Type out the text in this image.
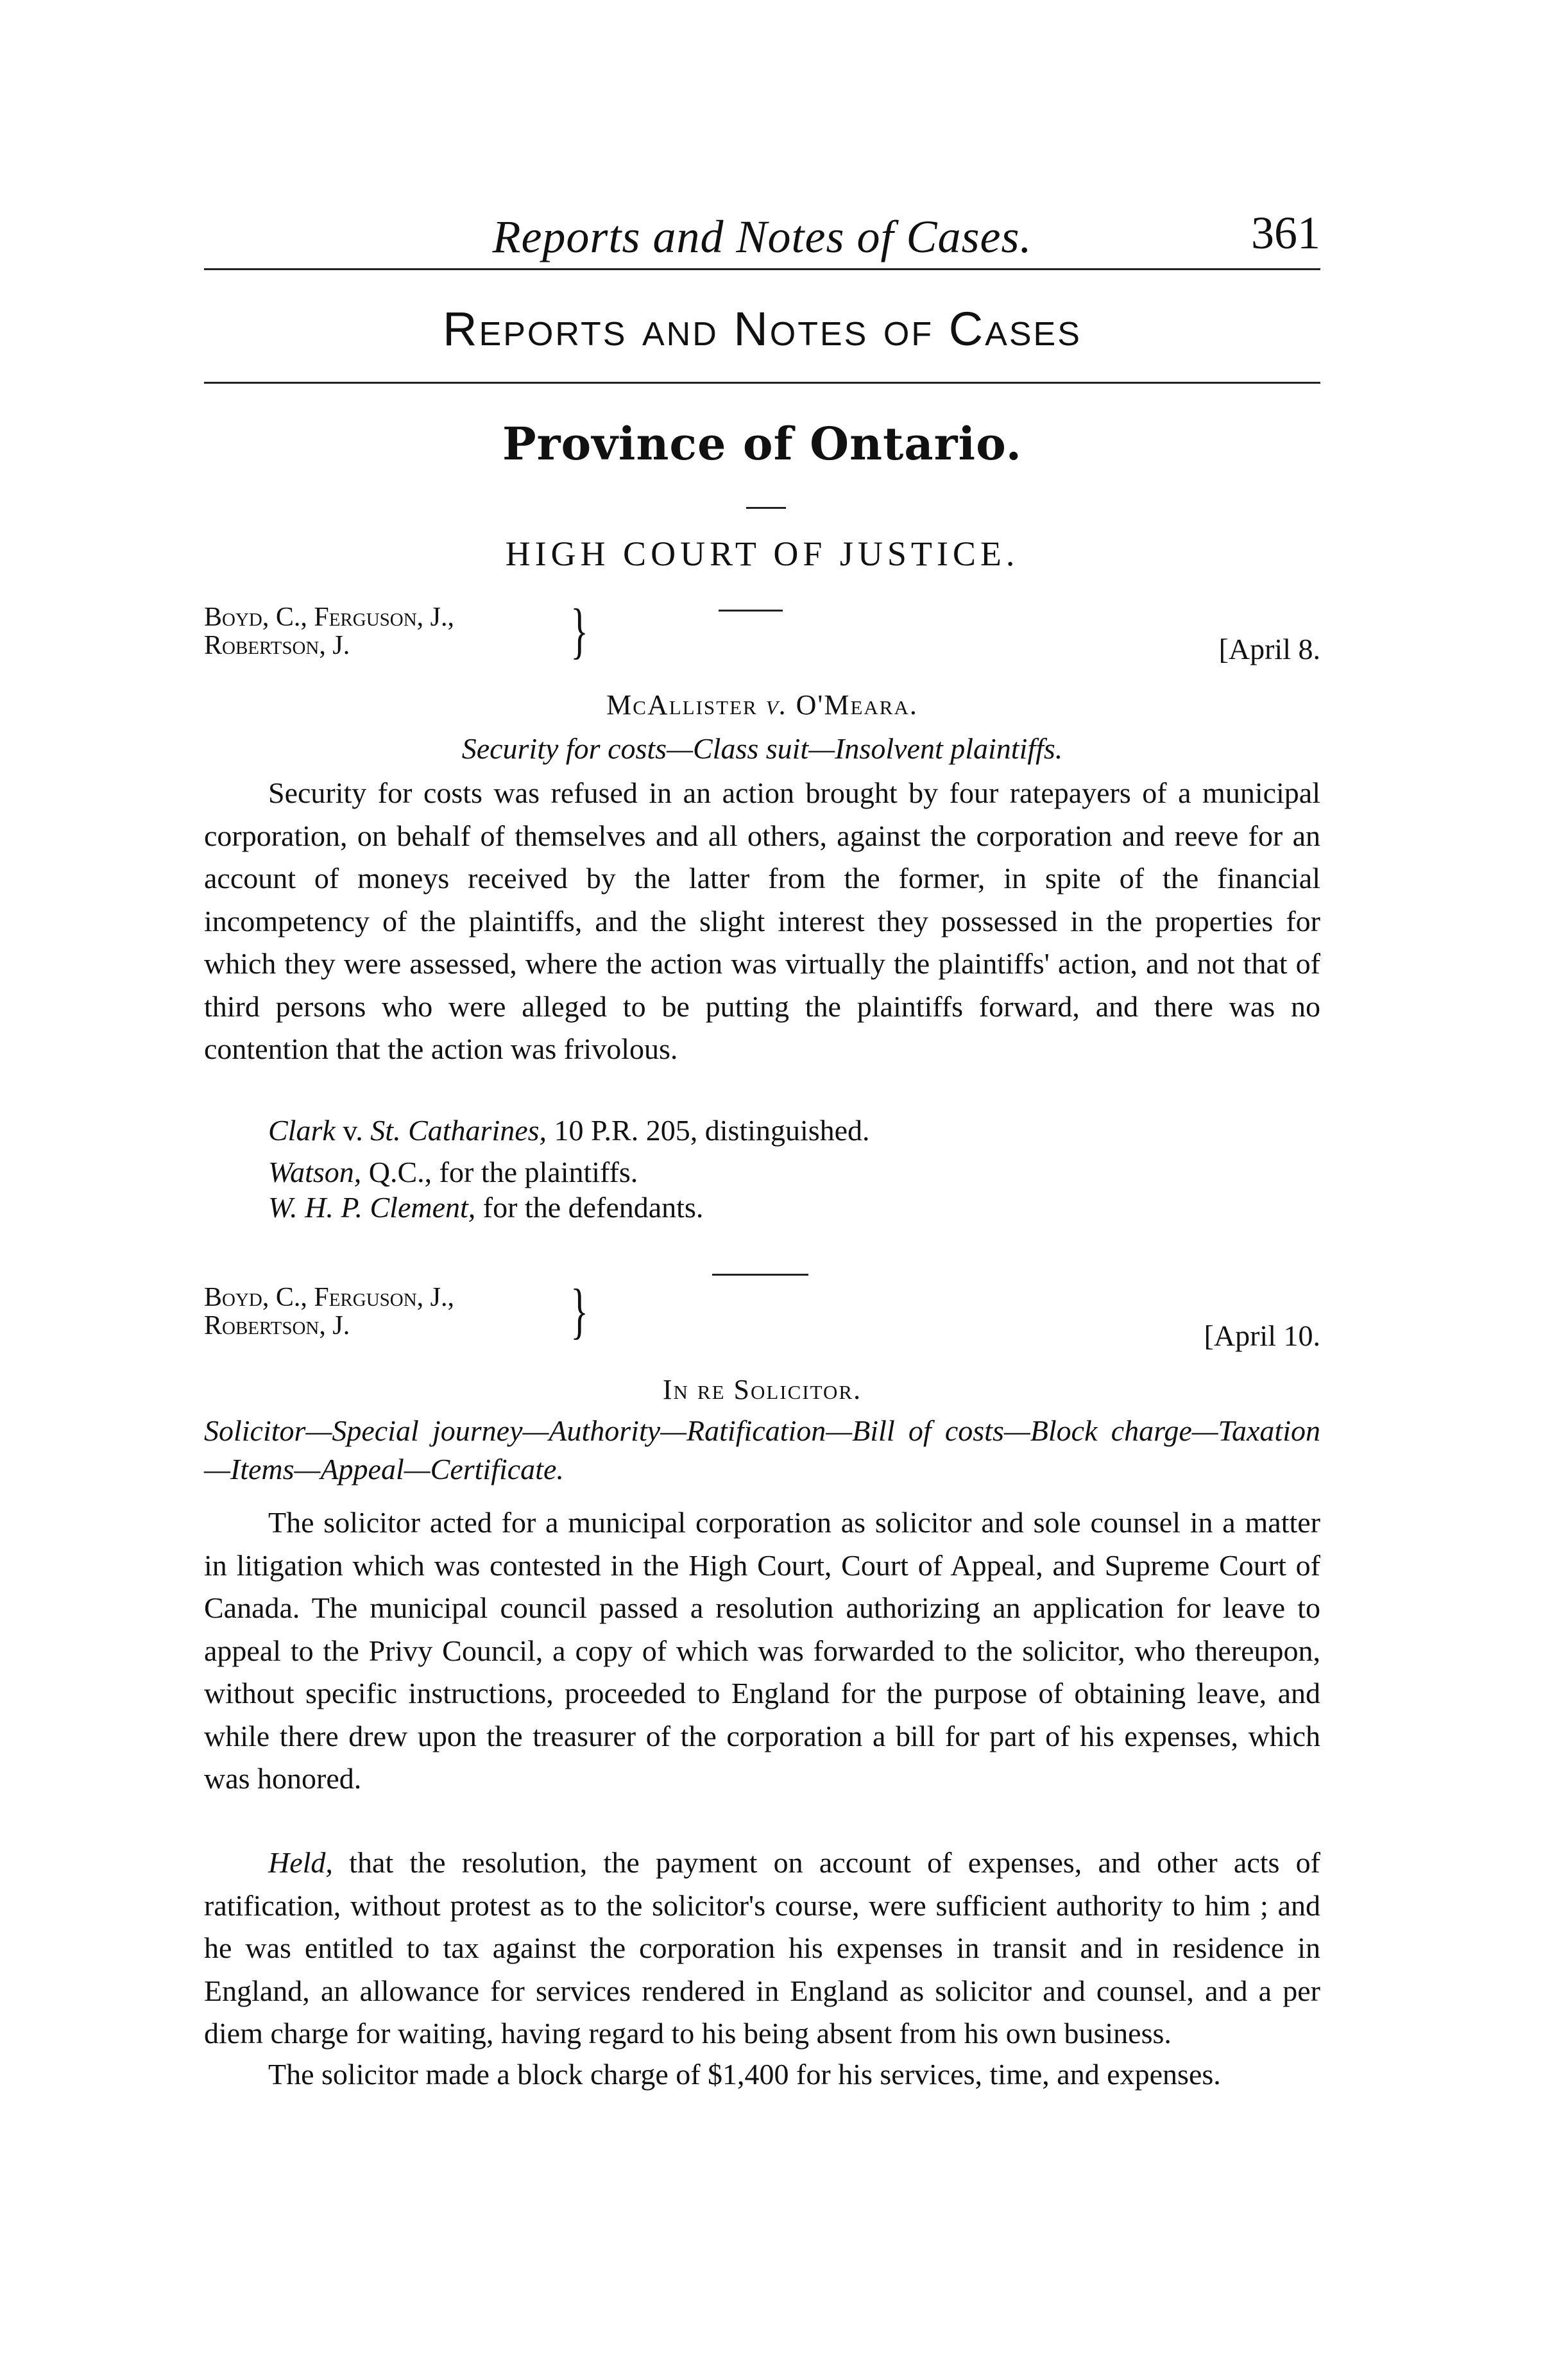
Reports and Notes of Cases.	361
Reports and Notes of Cases
Province of Ontario.
HIGH COURT OF JUSTICE.
Boyd, C., Ferguson, J.,
Robertson, J.	}	[April 8.
McAllister v. O'Meara.
Security for costs—Class suit—Insolvent plaintiffs.
Security for costs was refused in an action brought by four ratepayers of a municipal corporation, on behalf of themselves and all others, against the corporation and reeve for an account of moneys received by the latter from the former, in spite of the financial incompetency of the plaintiffs, and the slight interest they possessed in the properties for which they were assessed, where the action was virtually the plaintiffs' action, and not that of third persons who were alleged to be putting the plaintiffs forward, and there was no contention that the action was frivolous.
Clark v. St. Catharines, 10 P.R. 205, distinguished.
Watson, Q.C., for the plaintiffs.
W. H. P. Clement, for the defendants.
Boyd, C., Ferguson, J.,
Robertson, J.	}	[April 10.
In re Solicitor.
Solicitor—Special journey—Authority—Ratification—Bill of costs—Block charge—Taxation—Items—Appeal—Certificate.
The solicitor acted for a municipal corporation as solicitor and sole counsel in a matter in litigation which was contested in the High Court, Court of Appeal, and Supreme Court of Canada. The municipal council passed a resolution authorizing an application for leave to appeal to the Privy Council, a copy of which was forwarded to the solicitor, who thereupon, without specific instructions, proceeded to England for the purpose of obtaining leave, and while there drew upon the treasurer of the corporation a bill for part of his expenses, which was honored.
Held, that the resolution, the payment on account of expenses, and other acts of ratification, without protest as to the solicitor's course, were sufficient authority to him ; and he was entitled to tax against the corporation his expenses in transit and in residence in England, an allowance for services rendered in England as solicitor and counsel, and a per diem charge for waiting, having regard to his being absent from his own business.
The solicitor made a block charge of $1,400 for his services, time, and expenses.
